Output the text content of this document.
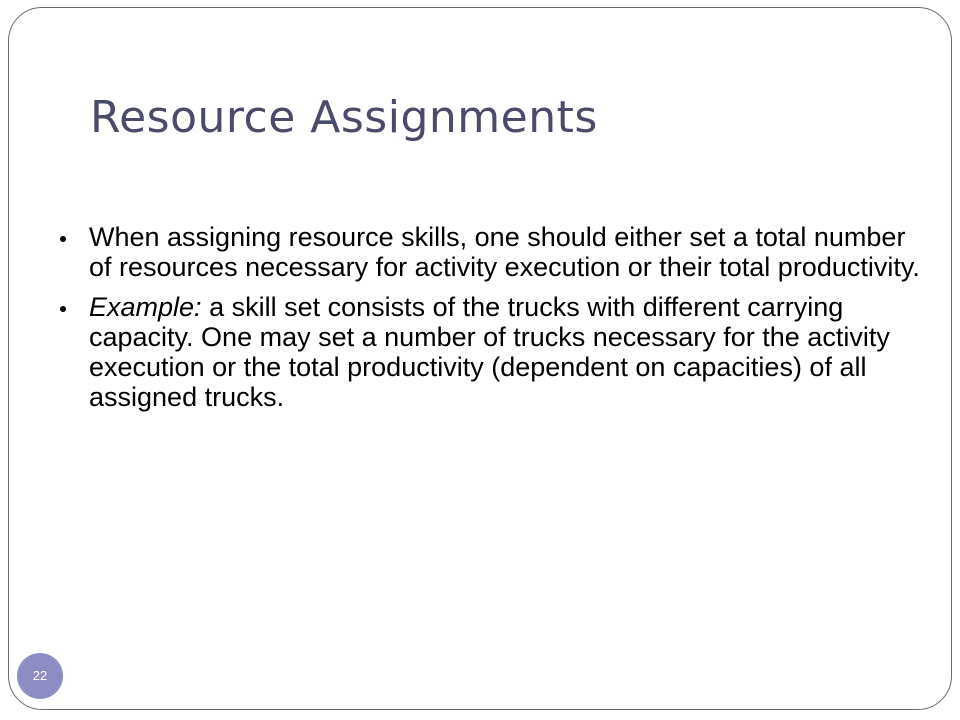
Resource Assignments
When assigning resource skills, one should either set a total number of resources necessary for activity execution or their total productivity.
Example: a skill set consists of the trucks with different carrying capacity. One may set a number of trucks necessary for the activity execution or the total productivity (dependent on capacities) of all assigned trucks.
22
